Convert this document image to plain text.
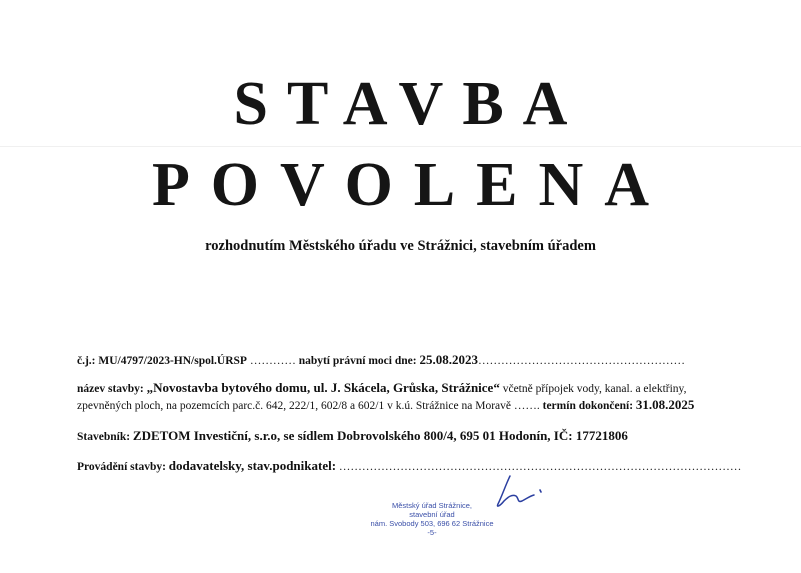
STAVBA
POVOLENA
rozhodnutím Městského úřadu ve Strážnici, stavebním úřadem
č.j.: MU/4797/2023-HN/spol.ÚRSP ………… nabytí právní moci dne: 25.08.2023………………………………………………
název stavby: „Novostavba bytového domu, ul. J. Skácela, Grůska, Strážnice“ včetně přípojek vody, kanal. a elektřiny,
zpevněných ploch, na pozemcích parc.č. 642, 222/1, 602/8 a 602/1 v k.ú. Strážnice na Moravě ……. termín dokončení: 31.08.2025
Stavebník: ZDETOM Investiční, s.r.o, se sídlem Dobrovolského 800/4, 695 01 Hodonín, IČ: 17721806
Provádění stavby: dodavatelsky, stav.podnikatel: ……………………………………………………………………………………………
Městský úřad Strážnice,
stavební úřad
nám. Svobody 503, 696 62 Strážnice
-5-
